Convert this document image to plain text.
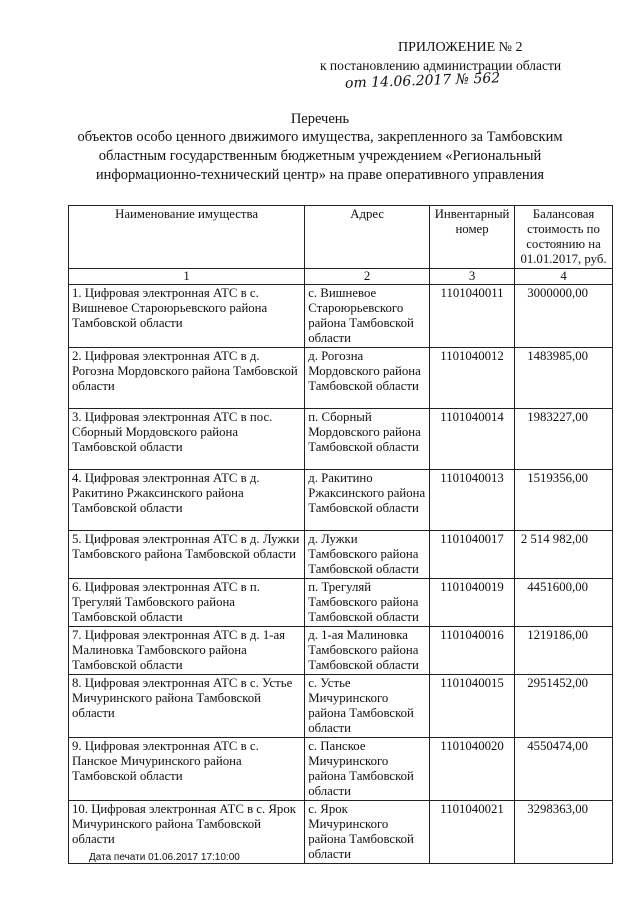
ПРИЛОЖЕНИЕ № 2
к постановлению администрации области
от 14.06.2017 № 562
Перечень
объектов особо ценного движимого имущества, закрепленного за Тамбовским
областным государственным бюджетным учреждением «Региональный
информационно-технический центр» на праве оперативного управления
Наименование имущества	Адрес	Инвентарный номер	Балансовая стоимость по состоянию на 01.01.2017, руб.
1	2	3	4
1. Цифровая электронная АТС в с. Вишневое Староюрьевского района Тамбовской области	с. Вишневое Староюрьевского района Тамбовской области	1101040011	3000000,00
2. Цифровая электронная АТС в д. Рогозна Мордовского района Тамбовской области	д. Рогозна Мордовского района Тамбовской области	1101040012	1483985,00
3. Цифровая электронная АТС в пос. Сборный Мордовского района Тамбовской области	п. Сборный Мордовского района Тамбовской области	1101040014	1983227,00
4. Цифровая электронная АТС в д. Ракитино Ржаксинского района Тамбовской области	д. Ракитино Ржаксинского района Тамбовской области	1101040013	1519356,00
5. Цифровая электронная АТС в д. Лужки Тамбовского района Тамбовской области	д. Лужки Тамбовского района Тамбовской области	1101040017	2 514 982,00
6. Цифровая электронная АТС в п. Трегуляй Тамбовского района Тамбовской области	п. Трегуляй Тамбовского района Тамбовской области	1101040019	4451600,00
7. Цифровая электронная АТС в д. 1-ая Малиновка Тамбовского района Тамбовской области	д. 1-ая Малиновка Тамбовского района Тамбовской области	1101040016	1219186,00
8. Цифровая электронная АТС в с. Устье Мичуринского района Тамбовской области	с. Устье Мичуринского района Тамбовской области	1101040015	2951452,00
9. Цифровая электронная АТС в с. Панское Мичуринского района Тамбовской области	с. Панское Мичуринского района Тамбовской области	1101040020	4550474,00
10. Цифровая электронная АТС в с. Ярок Мичуринского района Тамбовской области	с. Ярок Мичуринского района Тамбовской области	1101040021	3298363,00
Дата печати 01.06.2017 17:10:00
